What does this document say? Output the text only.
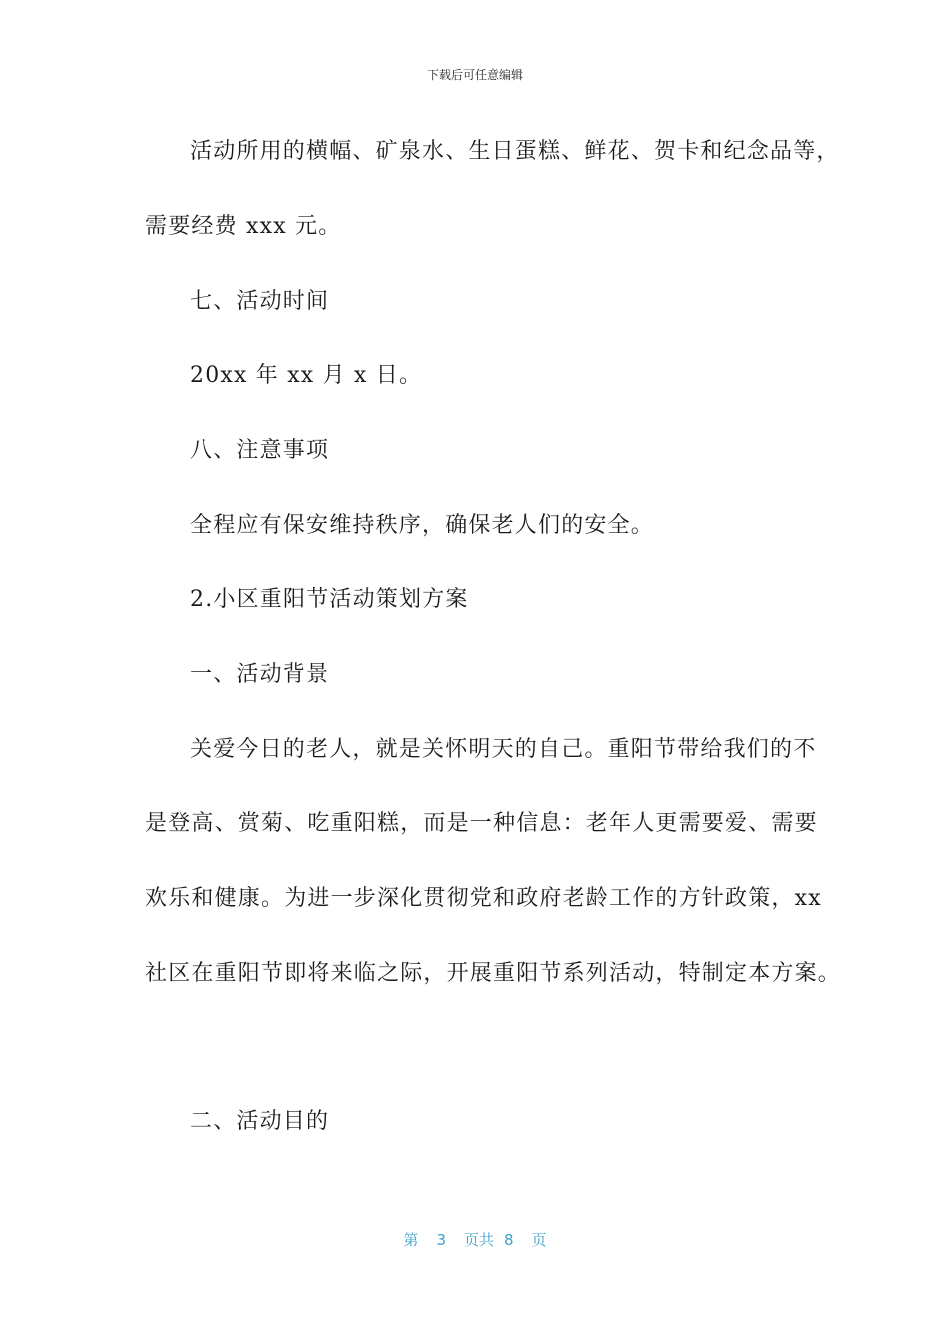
下载后可任意编辑
活动所用的横幅、矿泉水、生日蛋糕、鲜花、贺卡和纪念品等，
需要经费 xxx 元。
七、活动时间
20xx 年 xx 月 x 日。
八、注意事项
全程应有保安维持秩序，确保老人们的安全。
2.小区重阳节活动策划方案
一、活动背景
关爱今日的老人，就是关怀明天的自己。重阳节带给我们的不
是登高、赏菊、吃重阳糕，而是一种信息：老年人更需要爱、需要
欢乐和健康。为进一步深化贯彻党和政府老龄工作的方针政策，xx
社区在重阳节即将来临之际，开展重阳节系列活动，特制定本方案。
二、活动目的
第 3 页共 8 页
